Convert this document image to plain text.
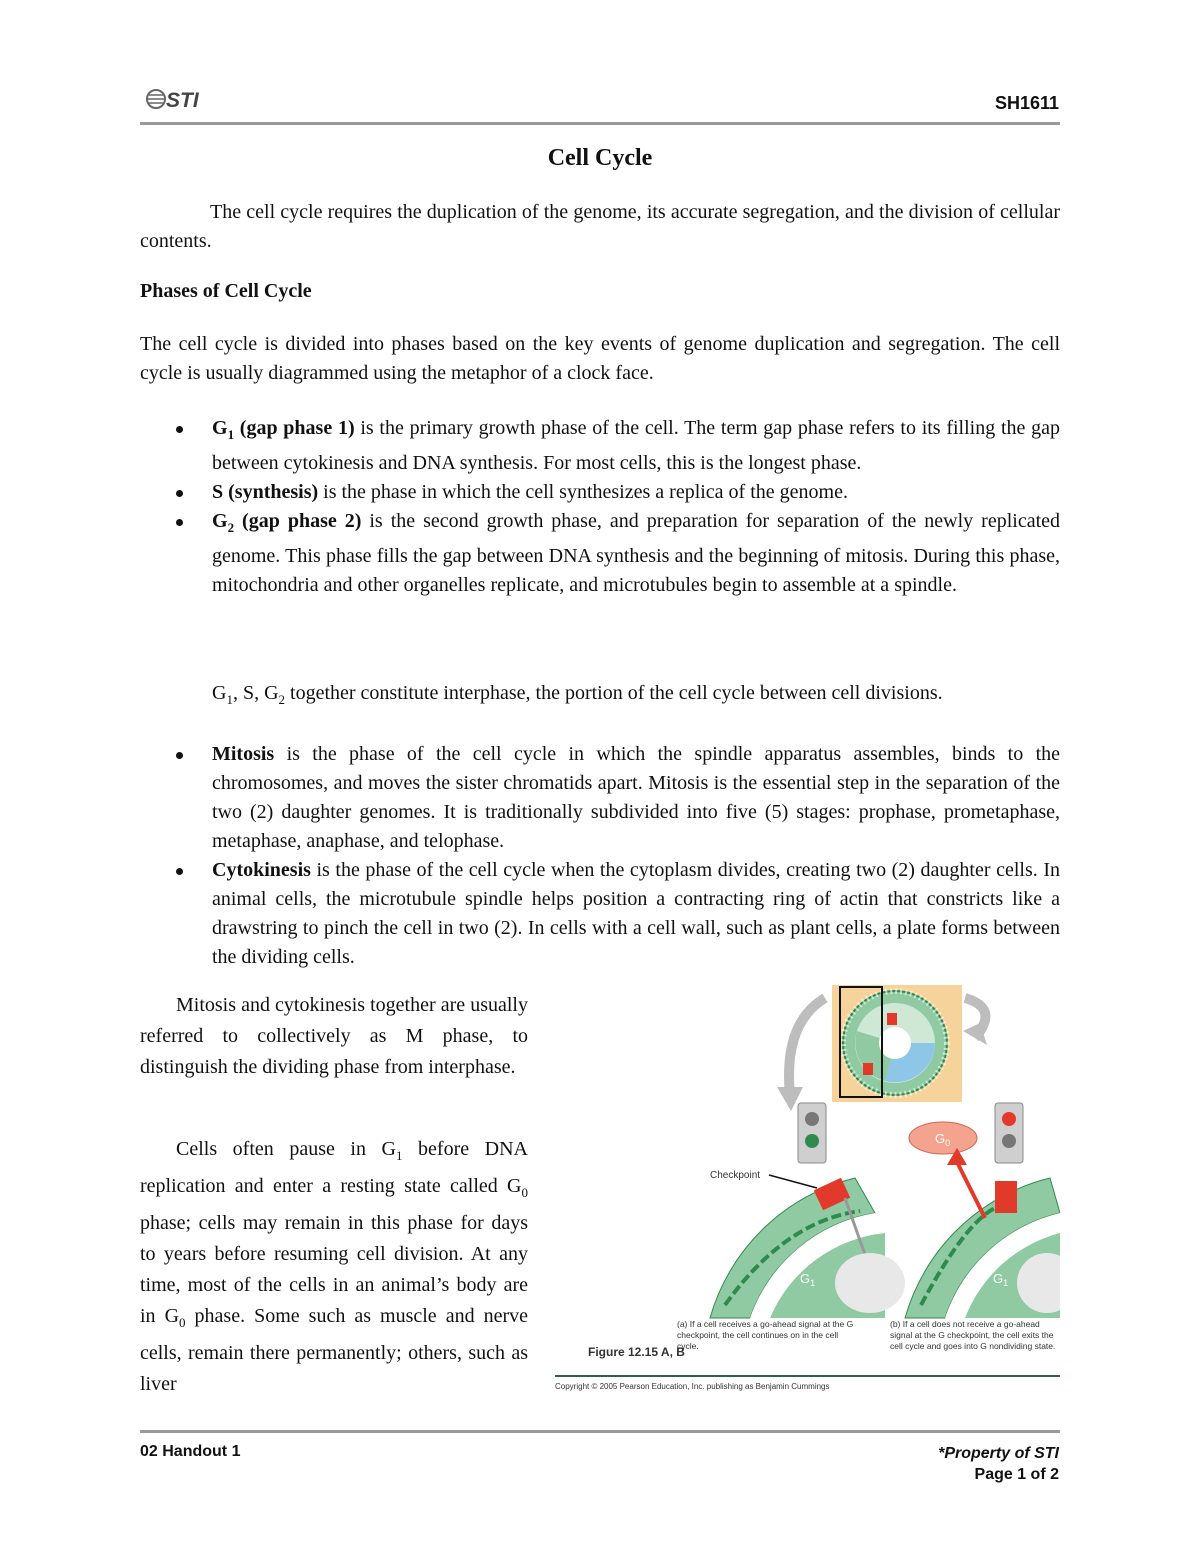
STI	SH1611
Cell Cycle
The cell cycle requires the duplication of the genome, its accurate segregation, and the division of cellular contents.
Phases of Cell Cycle
The cell cycle is divided into phases based on the key events of genome duplication and segregation. The cell cycle is usually diagrammed using the metaphor of a clock face.
$G_1$ (gap phase 1) is the primary growth phase of the cell. The term gap phase refers to its filling the gap between cytokinesis and DNA synthesis. For most cells, this is the longest phase.
S (synthesis) is the phase in which the cell synthesizes a replica of the genome.
$G_2$ (gap phase 2) is the second growth phase, and preparation for separation of the newly replicated genome. This phase fills the gap between DNA synthesis and the beginning of mitosis. During this phase, mitochondria and other organelles replicate, and microtubules begin to assemble at a spindle.
$G_1$, S, $G_2$ together constitute interphase, the portion of the cell cycle between cell divisions.
Mitosis is the phase of the cell cycle in which the spindle apparatus assembles, binds to the chromosomes, and moves the sister chromatids apart. Mitosis is the essential step in the separation of the two (2) daughter genomes. It is traditionally subdivided into five (5) stages: prophase, prometaphase, metaphase, anaphase, and telophase.
Cytokinesis is the phase of the cell cycle when the cytoplasm divides, creating two (2) daughter cells. In animal cells, the microtubule spindle helps position a contracting ring of actin that constricts like a drawstring to pinch the cell in two (2). In cells with a cell wall, such as plant cells, a plate forms between the dividing cells.
Mitosis and cytokinesis together are usually referred to collectively as M phase, to distinguish the dividing phase from interphase.
Cells often pause in $G_1$ before DNA replication and enter a resting state called $G_0$ phase; cells may remain in this phase for days to years before resuming cell division. At any time, most of the cells in an animal’s body are in $G_0$ phase. Some such as muscle and nerve cells, remain there permanently; others, such as liver
$G_0$
$G_1$
Checkpoint
$G_1$
(a) If a cell receives a go-ahead signal at the G checkpoint, the cell continues on in the cell cycle.
(b) If a cell does not receive a go-ahead signal at the G checkpoint, the cell exits the cell cycle and goes into G nondividing state.
Figure 12.15 A, B
Copyright © 2005 Pearson Education, Inc. publishing as Benjamin Cummings
02 Handout 1	*Property of STI
Page 1 of 2
